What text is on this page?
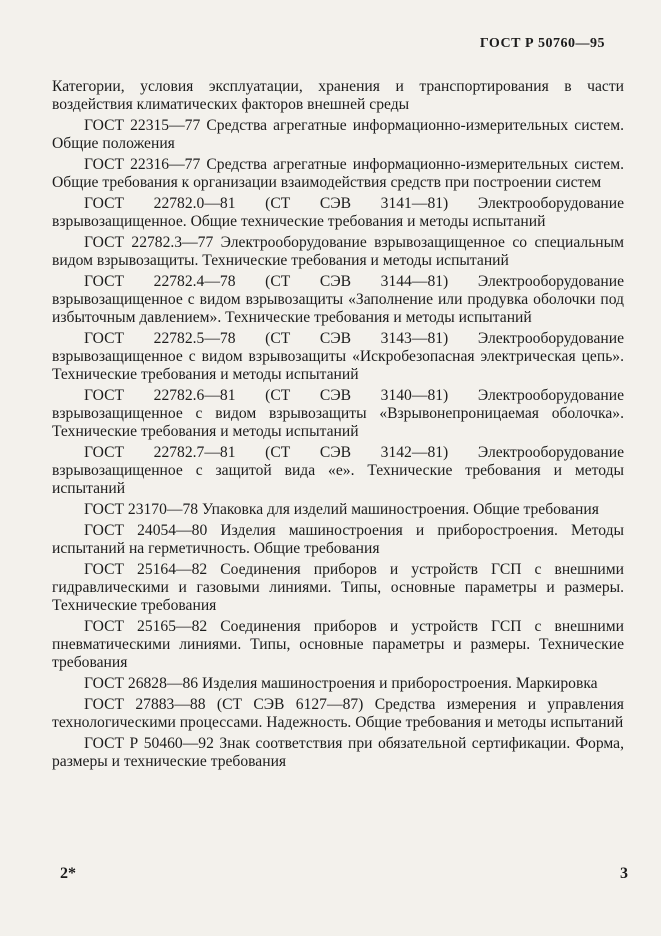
ГОСТ Р 50760—95

Категории, условия эксплуатации, хранения и транспортирования в части воздействия климатических факторов внешней среды

ГОСТ 22315—77 Средства агрегатные информационно-измерительных систем. Общие положения

ГОСТ 22316—77 Средства агрегатные информационно-измерительных систем. Общие требования к организации взаимодействия средств при построении систем

ГОСТ 22782.0—81 (СТ СЭВ 3141—81) Электрооборудование взрывозащищенное. Общие технические требования и методы испытаний

ГОСТ 22782.3—77 Электрооборудование взрывозащищенное со специальным видом взрывозащиты. Технические требования и методы испытаний

ГОСТ 22782.4—78 (СТ СЭВ 3144—81) Электрооборудование взрывозащищенное с видом взрывозащиты «Заполнение или продувка оболочки под избыточным давлением». Технические требования и методы испытаний

ГОСТ 22782.5—78 (СТ СЭВ 3143—81) Электрооборудование взрывозащищенное с видом взрывозащиты «Искробезопасная электрическая цепь». Технические требования и методы испытаний

ГОСТ 22782.6—81 (СТ СЭВ 3140—81) Электрооборудование взрывозащищенное с видом взрывозащиты «Взрывонепроницаемая оболочка». Технические требования и методы испытаний

ГОСТ 22782.7—81 (СТ СЭВ 3142—81) Электрооборудование взрывозащищенное с защитой вида «е». Технические требования и методы испытаний

ГОСТ 23170—78 Упаковка для изделий машиностроения. Общие требования

ГОСТ 24054—80 Изделия машиностроения и приборостроения. Методы испытаний на герметичность. Общие требования

ГОСТ 25164—82 Соединения приборов и устройств ГСП с внешними гидравлическими и газовыми линиями. Типы, основные параметры и размеры. Технические требования

ГОСТ 25165—82 Соединения приборов и устройств ГСП с внешними пневматическими линиями. Типы, основные параметры и размеры. Технические требования

ГОСТ 26828—86 Изделия машиностроения и приборостроения. Маркировка

ГОСТ 27883—88 (СТ СЭВ 6127—87) Средства измерения и управления технологическими процессами. Надежность. Общие требования и методы испытаний

ГОСТ Р 50460—92 Знак соответствия при обязательной сертификации. Форма, размеры и технические требования

2*	3
